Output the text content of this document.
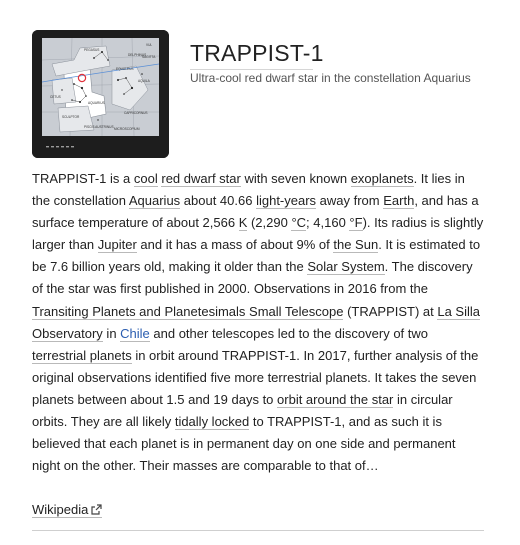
PEGASUS
AQUARIUS
CETUS
SCULPTOR
PISCIS AUSTRINUS MICROSCOPIUM
CAPRICORNUS
AQUILA
EQUULEUS
DELPHINUS
VUL
SAGITTA TRAPPIST-1
Ultra-cool red dwarf star in the constellation Aquarius

TRAPPIST-1 is a cool red dwarf star with seven known exoplanets. It lies in the constellation Aquarius about 40.66 light-years away from Earth, and has a surface temperature of about 2,566 K (2,290 °C; 4,160 °F). Its radius is slightly larger than Jupiter and it has a mass of about 9% of the Sun. It is estimated to be 7.6 billion years old, making it older than the Solar System. The discovery of the star was first published in 2000. Observations in 2016 from the Transiting Planets and Planetesimals Small Telescope (TRAPPIST) at La Silla Observatory in Chile and other telescopes led to the discovery of two terrestrial planets in orbit around TRAPPIST-1. In 2017, further analysis of the original observations identified five more terrestrial planets. It takes the seven planets between about 1.5 and 19 days to orbit around the star in circular orbits. They are all likely tidally locked to TRAPPIST-1, and as such it is believed that each planet is in permanent day on one side and permanent night on the other. Their masses are comparable to that of…

Wikipedia
